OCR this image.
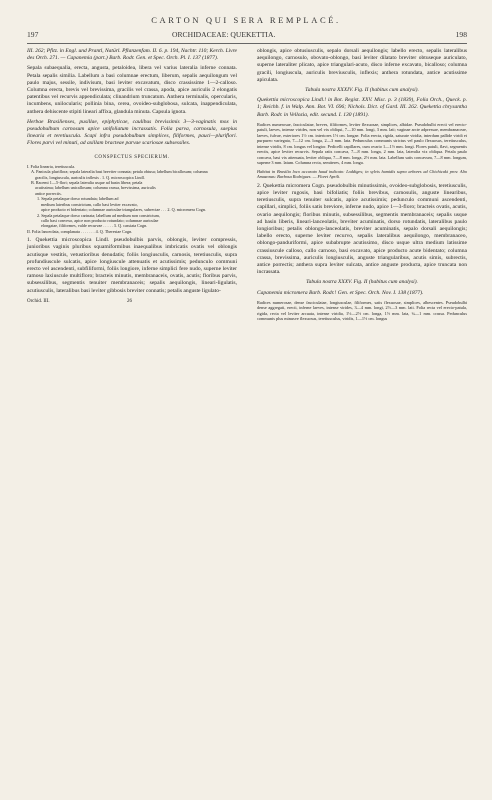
CARTON QUI SERA REMPLACÉ.
197	ORCHIDACEAE: QUEKETTIA.	198

III. 262; Pfitz. in Engl. und Prantl, Natürl. Pflanzenfam. II. 6. p. 194, Nachtr. 110; Kerch. Livre des Orch. 271. — Capanemia (part.) Barb. Rodr. Gen. et Spec. Orch. Pl. I. 137 (1877).

Sepala subaequalia, erecta, angusta, petaloidea, libera vel varius lateralia inferne connata. Petala sepalis similia. Labellum a basi columnae erectum, liberum, sepalis aequilongum vel paulo majus, sessile, indivisum, basi leviter excavatum, disco crassissime 1—2-calloso. Columna erecta, brevis vel brevissima, gracilis vel crassa, apoda, apice auriculis 2 elongatis patentibus vel recurvis appendiculata; clinandrium truncatum. Anthera terminalis, opercularis, incumbens, unilocularis; pollinia bina, cerea, ovoideo-subglobosa, sulcata, inappendiculata, anthera dehiscente stipiti lineari affixa, glandula minuta. Capsula ignota.

Herbae Brasilienses, pusillae, epiphyticae, caulibus brevissimis 3—3-vaginatis mox in pseudobulbum carnosum apice unifoliatum incrassatis. Folia parva, carnosula, saepius linearia et teretiuscula. Scapi infra pseudobulbum simplices, filiformes, pauci—pluriflori. Flores parvi vel minuti, ad axillam bracteae parvae scariosae subsessiles.

CONSPECTUS SPECIERUM.
I. Folia linearia, teretiuscula.
A. Panicula pluriflora; sepala lateralia basi breviter connata; petala obtusa; labellum bicallosum; columna
gracilis, longiuscula, auriculis inflexis . 1. Q. microscopica Lindl.
B. Racemi 1—5-flori; sepala lateralia usque ad basin libera; petala
acutissima; labellum unicallosum; columna crassa, brevissima, auriculis
antice porrectis.
1. Sepala petalaque dorso rotundata; labellum ad
medium lateribus constrictum, callo basi leviter excavato,
apice producto et bidentato; columnae auriculae triangulares, subrectae . . . 2. Q. micromera Cogn.
2. Sepala petalaque dorso carinata; labellum ad medium non constrictum,
callo basi convexo, apice non producto rotundato; columnae auriculae
elongatae, filiformes, valde recurvae . . . . . 3. Q. cassiata Cogn.
II. Folia lanceolata, complanata . . . . . . . 4. Q. Theresiae Cogn.

1. Quekettia microscopica Lindl. pseudobulbis parvis, oblongis, leviter compressis, junioribus vaginis pluribus squamiformibus inaequalibus imbricatis ovatis vel oblongis acutisque vestitis, vetustioribus denudatis; foliis longiusculis, carnosis, teretiusculis, supra profundiuscule sulcatis, apice longiuscule attenuatis et acutissimis; pedunculo communi erecto vel ascendenti, subfiliformi, foliis longiore, inferne simplici fere nudo, superne leviter ramoso laxiuscule multifloro; bracteis minutis, membranaceis, ovatis, acutis; floribus parvis, subsessilibus, segmentis tenuiter membranaceis; sepalis aequilongis, lineari-ligulatis, acutiusculis, lateralibus basi leviter gibbosis breviter connatis; petalis anguste ligulato-

Orchid. III.	26

oblongis, apice obtusiusculis, sepalo dorsali aequilongis; labello erecto, sepalis lateralibus aequilongo, carnosulo, obovato-oblongo, basi leviter dilatato breviter obtuseque auriculato, superne lateraliter plicato, apice triangulari-acuto, disco inferne excavato, bicalloso; columna gracili, longiuscula, auriculis breviusculis, inflexis; anthera rotundata, antice acutissime apiculata.

Tabula nostra XXXIV. Fig. II (habitus cum analysi).

Quekettia microscopica Lindl.! in Bot. Regist. XXV. Misc. p. 3 (1839), Folia Orch., Queck. p. 1; Reichb. f. in Walp. Ann. Bot. VI. 696; Nichols. Dict. of Gard. III. 262. Quekettia chrysantha Barb. Rodr. in Vellozia, edit. secund. I. 130 (1891).

Radices numerosae, fasciculatae, breves, filiformes, leviter flexuosae, simplices, albidae. Pseudobulbi erecti vel erecto-patuli, laeves, intense virides, non vel vix obliqui, 7—10 mm. longi, 3 mm. lati; vaginae arcte adpressae, membranaceae, laeves, fulvae, exteriores 1½ cm. interiores 1½ cm. longae. Folia erecta, rigida, saturate viridia, interdum pallide viridi et purpureo variegata, 7—12 cm. longa, 2—3 mm. lata. Pedunculus communis strictus vel paulo flexuosus, teretiusculus, intense viridis, 8 cm. longus vel longior. Pedicelli capillares, cum ovario 1—1½ mm. longi. Flores patuli, flavi, segmentis erectis, apice leviter recurvis. Sepala ratis concava, 7—8 mm. longa, 2 mm. lata, lateralia vix obliqua. Petala paulo concava, basi vix attenuata, leviter obliqua, 7—8 mm. longa, 2½ mm. lata. Labellum satis concavum, 7—8 mm. longum, superne 3 mm. latum. Columna recta, semiteres, 4 mm. longa.

Habitat in Brasilia loco accurato haud indicato: Loddiges; in sylvis humidis supra arbores ad Chichicaki prov. Alto Amazonas: Barbosa Rodrigues. — Floret Aprili.

2. Quekettia micromera Cogn. pseudobulbis minutissimis, ovoideo-subglobosis, teretiusculis, apice leviter rugosis, basi bifoliatis; foliis brevibus, carnosulis, anguste linearibus, teretiusculis, supra tenuiter sulcatis, apice acutissimis; pedunculo communi ascendenti, capillari, simplici, foliis satis breviore, inferne nudo, apice 1—3-floro; bracteis ovatis, acutis, ovario aequilongis; floribus minutis, subsessilibus, segmentis membranaceis; sepalis usque ad basin liberis, lineari-lanceolatis, breviter acuminatis, dorso rotundatis, lateralibus paulo longioribus; petalis oblongo-lanceolatis, breviter acuminatis, sepalo dorsali aequilongis; labello erecto, superne leviter recurvo, sepalis lateralibus aequilongo, membranaceo, oblongo-panduriformi, apice subabrupte acutissimo, disco usque ultra medium latissime crassiuscule calloso, callo carnoso, basi excavato, apice producto acute bidentato; columna crassa, brevissima, auriculis longiusculis, anguste triangularibus, acutis simis, subrectis, antice porrectis; anthera supra leviter sulcata, antice anguste producta, apice truncata non incrassata.

Tabula nostra XXXV. Fig. II (habitus cum analysi).

Capanemia micromera Barb. Rodr.! Gen. et Spec. Orch. Nov. I. 138 (1877).

Radices numerosae, dense fasciculatae, longiusculae, filiformes, satis flexuosae, simplices, albescentes. Pseudobulbi dense aggregati, erecti, inferne laeves, intense virides, 3—4 mm. longi, 2½—3 mm. lati. Folia recta vel erecto-patula, rigida, recta vel leviter arcuata, intense viridia, 1½—2½ cm. longa, 1½ mm. lata, ¾—1 mm. crassa. Pedunculus communis plus minusve flexuosus, teretiusculus, viridis, 1—1½ cm. longus
